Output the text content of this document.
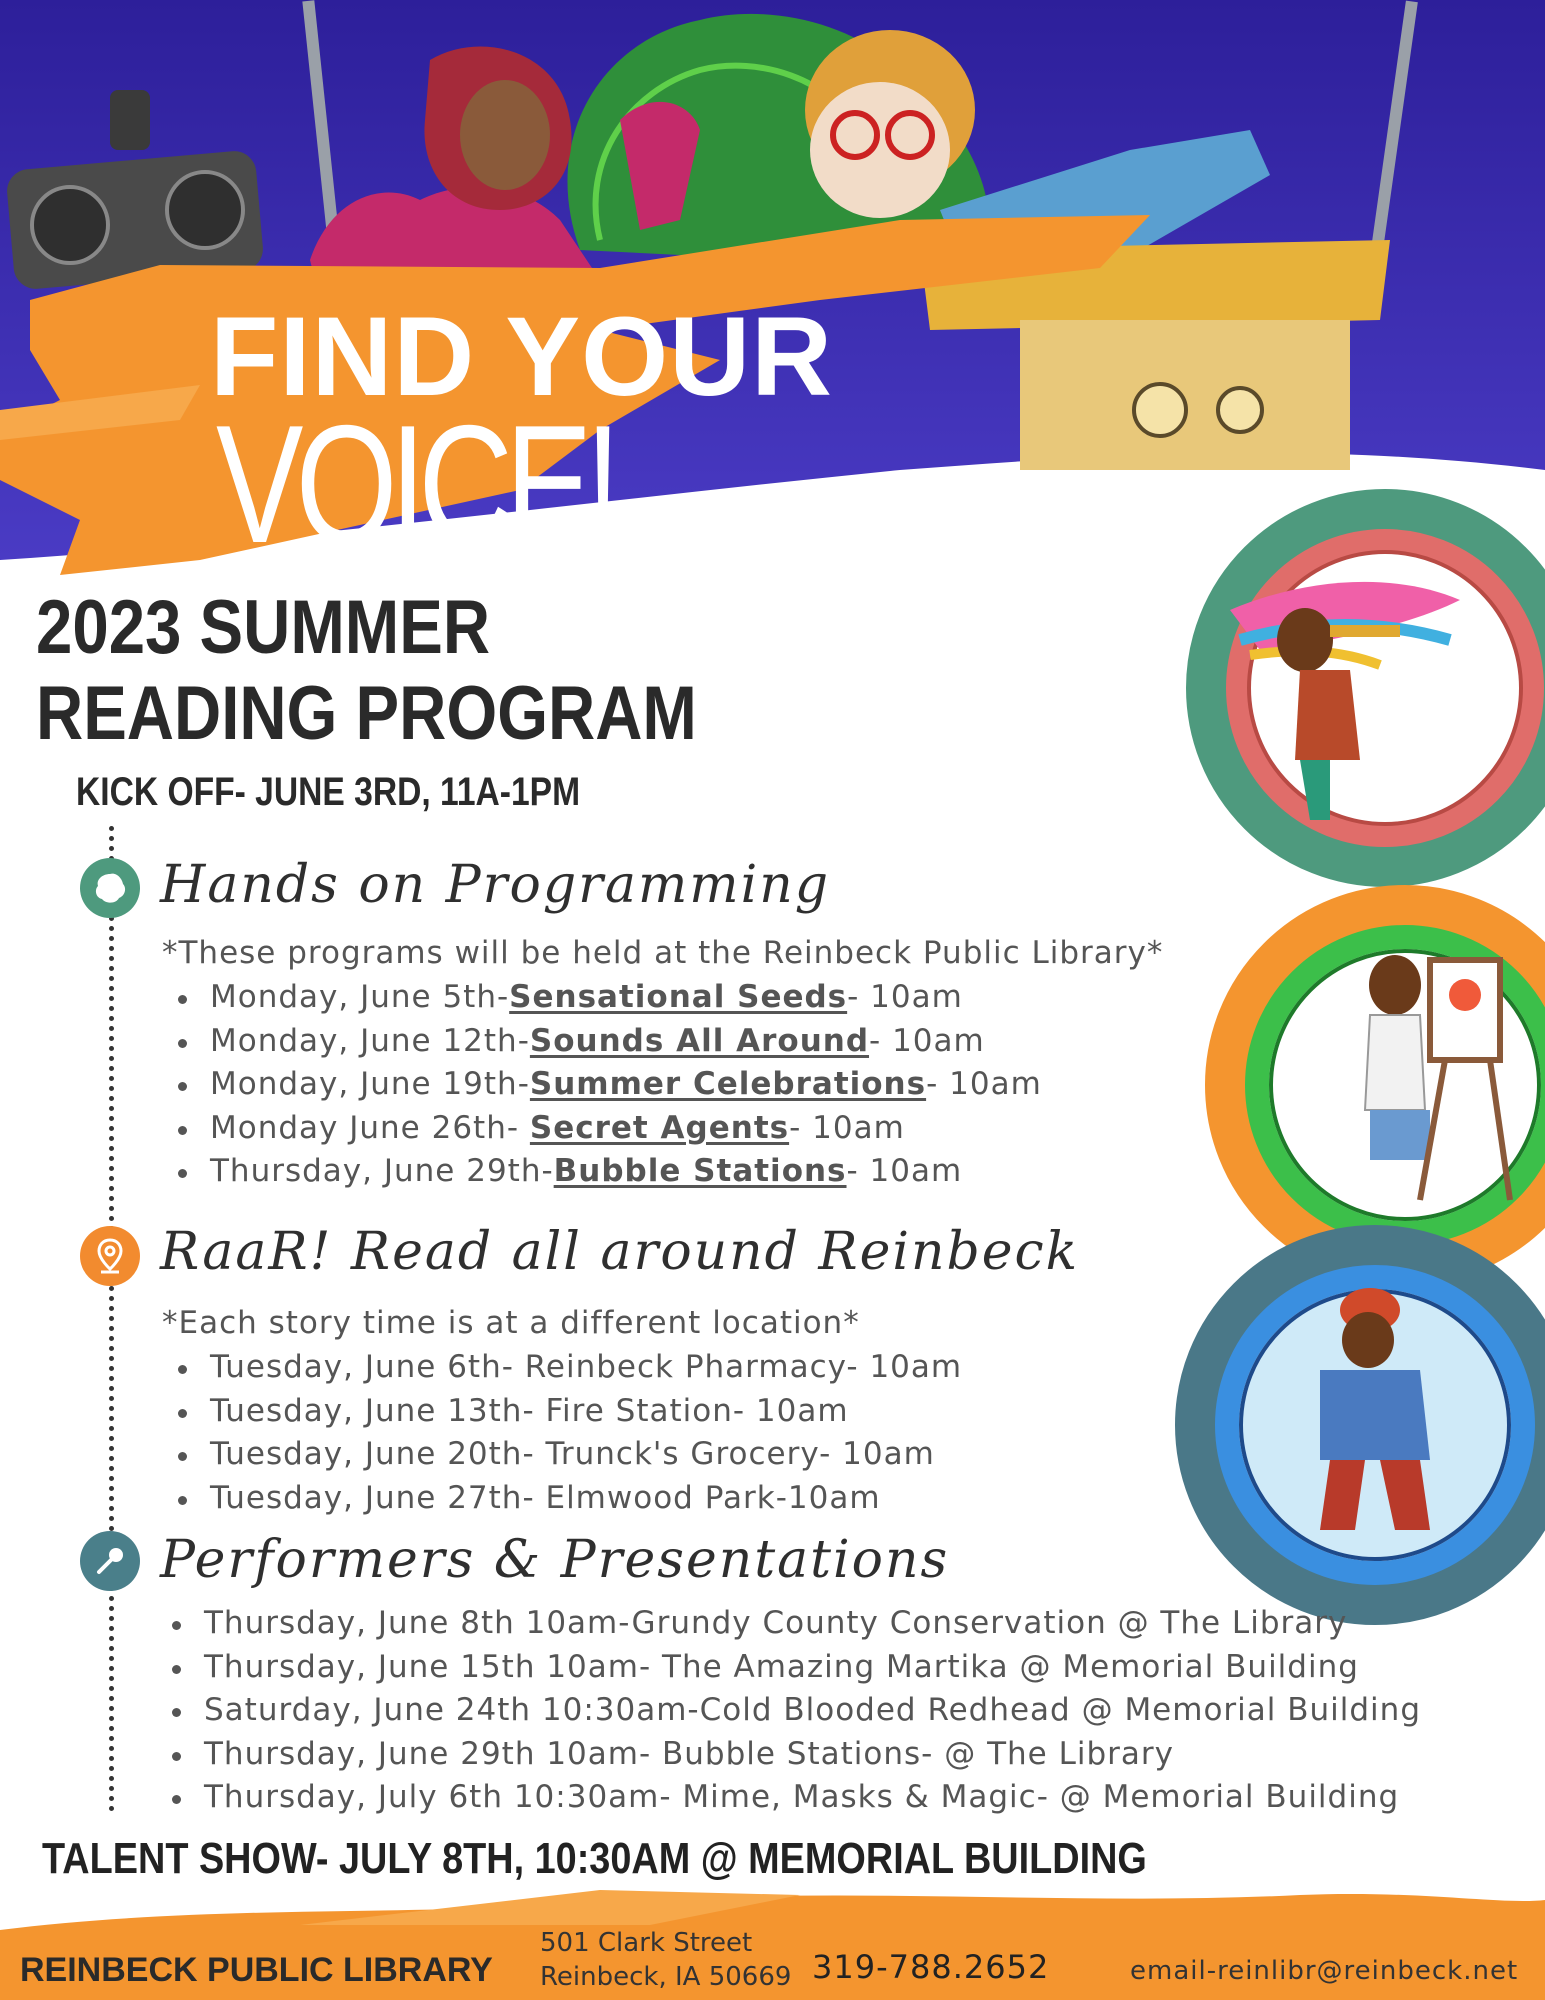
FIND YOUR
VOICE!
2023 SUMMER
READING PROGRAM
KICK OFF- JUNE 3RD, 11A-1PM
Hands on Programming
*These programs will be held at the Reinbeck Public Library*
Monday, June 5th-Sensational Seeds- 10am
Monday, June 12th-Sounds All Around- 10am
Monday, June 19th-Summer Celebrations- 10am
Monday June 26th- Secret Agents- 10am
Thursday, June 29th-Bubble Stations- 10am
RaaR! Read all around Reinbeck
*Each story time is at a different location*
Tuesday, June 6th- Reinbeck Pharmacy- 10am
Tuesday, June 13th- Fire Station- 10am
Tuesday, June 20th- Trunck's Grocery- 10am
Tuesday, June 27th- Elmwood Park-10am
Performers & Presentations
Thursday, June 8th 10am-Grundy County Conservation @ The Library
Thursday, June 15th 10am- The Amazing Martika @ Memorial Building
Saturday, June 24th 10:30am-Cold Blooded Redhead @ Memorial Building
Thursday, June 29th 10am- Bubble Stations- @ The Library
Thursday, July 6th 10:30am- Mime, Masks & Magic- @ Memorial Building
TALENT SHOW- JULY 8TH, 10:30AM @ MEMORIAL BUILDING
REINBECK PUBLIC LIBRARY
501 Clark Street
Reinbeck, IA 50669 319-788.2652	email-reinlibr@reinbeck.net
